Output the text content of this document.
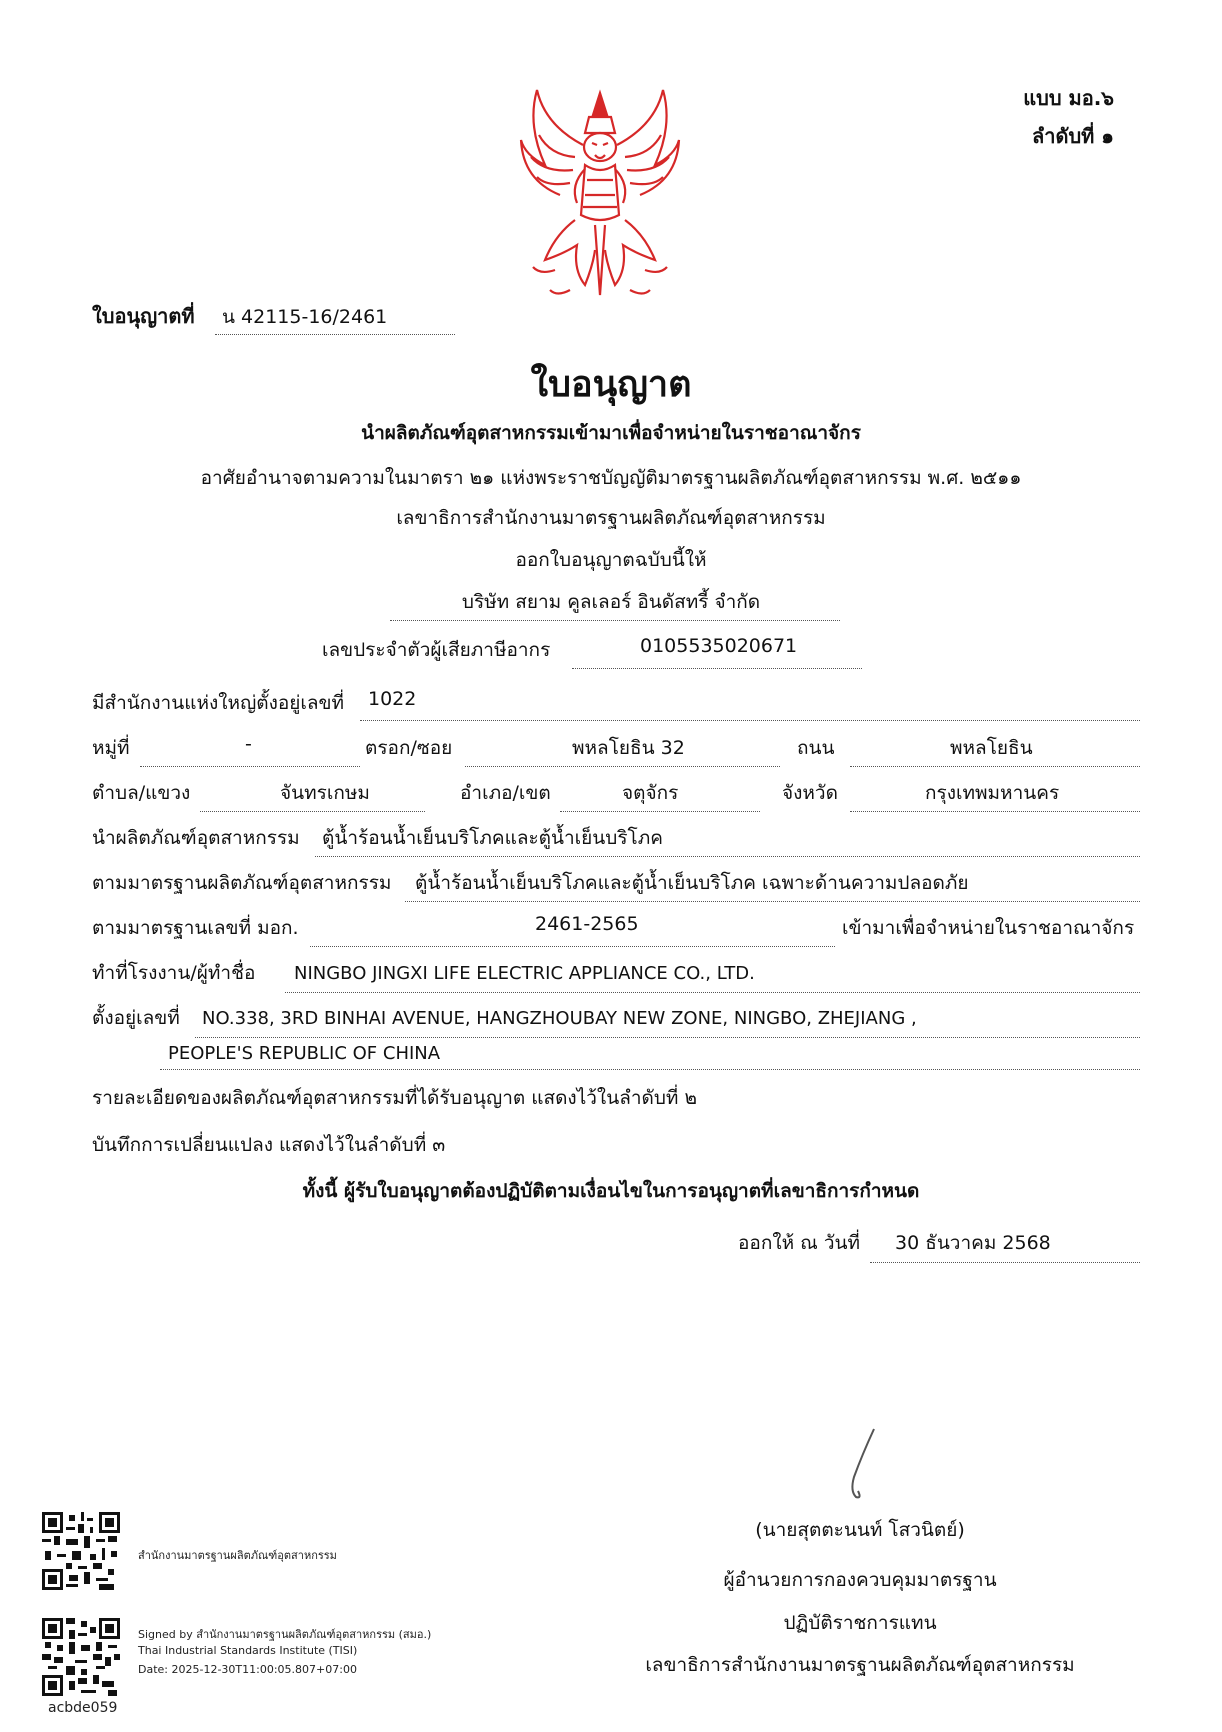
แบบ มอ.๖
ลำดับที่ ๑
ใบอนุญาตที่ น 42115-16/2461
ใบอนุญาต
นำผลิตภัณฑ์อุตสาหกรรมเข้ามาเพื่อจำหน่ายในราชอาณาจักร
อาศัยอำนาจตามความในมาตรา ๒๑ แห่งพระราชบัญญัติมาตรฐานผลิตภัณฑ์อุตสาหกรรม พ.ศ. ๒๕๑๑
เลขาธิการสำนักงานมาตรฐานผลิตภัณฑ์อุตสาหกรรม
ออกใบอนุญาตฉบับนี้ให้
บริษัท สยาม คูลเลอร์ อินดัสทรี้ จำกัด
เลขประจำตัวผู้เสียภาษีอากร	0105535020671
มีสำนักงานแห่งใหญ่ตั้งอยู่เลขที่ 1022
หมู่ที่	-	ตรอก/ซอย	พหลโยธิน 32	ถนน	พหลโยธิน
ตำบล/แขวง	จันทรเกษม	อำเภอ/เขต	จตุจักร	จังหวัด	กรุงเทพมหานคร
นำผลิตภัณฑ์อุตสาหกรรม ตู้น้ำร้อนน้ำเย็นบริโภคและตู้น้ำเย็นบริโภค
ตามมาตรฐานผลิตภัณฑ์อุตสาหกรรม ตู้น้ำร้อนน้ำเย็นบริโภคและตู้น้ำเย็นบริโภค เฉพาะด้านความปลอดภัย
ตามมาตรฐานเลขที่ มอก.	2461-2565	เข้ามาเพื่อจำหน่ายในราชอาณาจักร
ทำที่โรงงาน/ผู้ทำชื่อ NINGBO JINGXI LIFE ELECTRIC APPLIANCE CO., LTD.
ตั้งอยู่เลขที่ NO.338, 3RD BINHAI AVENUE, HANGZHOUBAY NEW ZONE, NINGBO, ZHEJIANG ,
PEOPLE'S REPUBLIC OF CHINA
รายละเอียดของผลิตภัณฑ์อุตสาหกรรมที่ได้รับอนุญาต แสดงไว้ในลำดับที่ ๒
บันทึกการเปลี่ยนแปลง แสดงไว้ในลำดับที่ ๓
ทั้งนี้ ผู้รับใบอนุญาตต้องปฏิบัติตามเงื่อนไขในการอนุญาตที่เลขาธิการกำหนด
ออกให้ ณ วันที่ 30 ธันวาคม 2568
(นายสุตตะนนท์ โสวนิตย์)
ผู้อำนวยการกองควบคุมมาตรฐาน
ปฏิบัติราชการแทน
เลขาธิการสำนักงานมาตรฐานผลิตภัณฑ์อุตสาหกรรม
สำนักงานมาตรฐานผลิตภัณฑ์อุตสาหกรรม
Signed by สำนักงานมาตรฐานผลิตภัณฑ์อุตสาหกรรม (สมอ.)
Thai Industrial Standards Institute (TISI)
Date: 2025-12-30T11:00:05.807+07:00
acbde059
